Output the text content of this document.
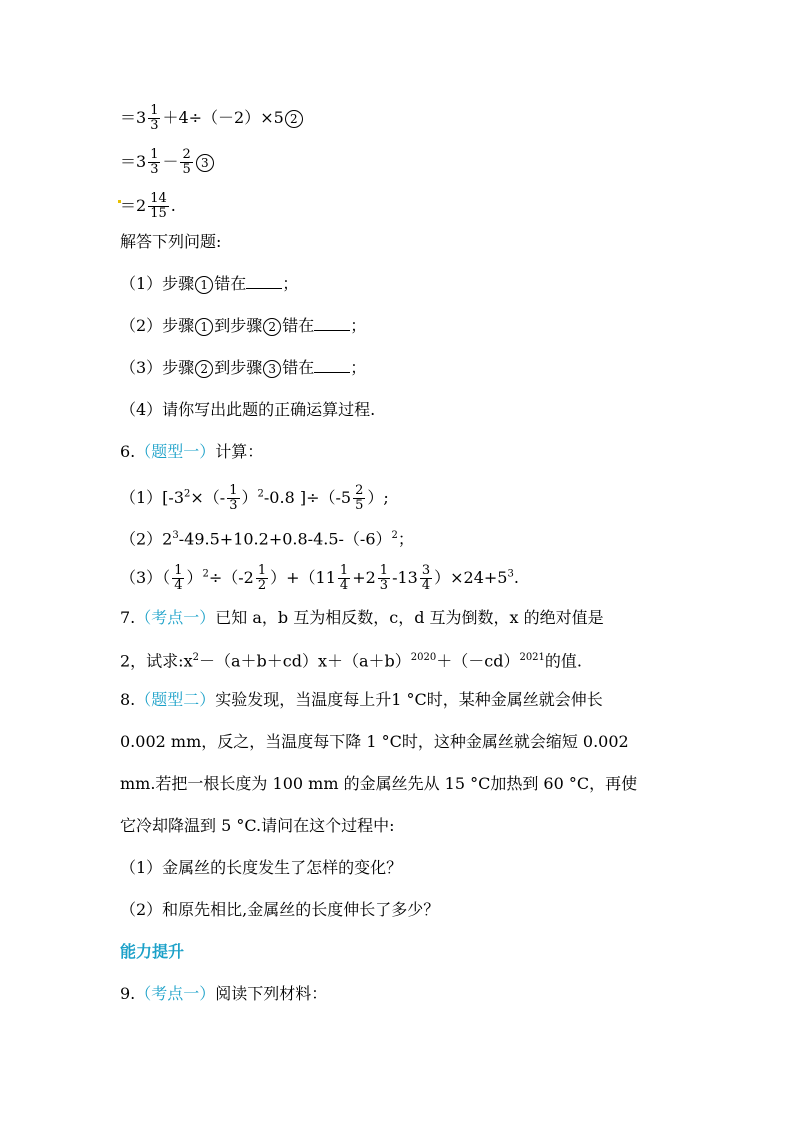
$=3 \frac{1}{3} +4\div(-2)\times 5$ 2
$=3 \frac{1}{3} - \frac{2}{5} 3$
$=2 \frac{14}{15}$ .
解答下列问题:
（1）步骤 1 错在 ；
（2）步骤 1 到步骤 2 错在 ；
（3）步骤 2 到步骤 3 错在 ；
（4）请你写出此题的正确运算过程.
6.（题型一）计算：
$(1)[-3^2\times(- \frac{1}{3} )^2-0.8$ ]$\div(-5 \frac{2}{5}$ ）;
$(2)2^3-49.5+10.2+0.8-4.5-(-6)^2$；
$(3)( \frac{1}{4} )^2\div(-2 \frac{1}{2} )+(11 \frac{1}{4} +2 \frac{1}{3} -13 \frac{3}{4} )\times 24+5^3$.
7.（考点一）已知 a，b 互为相反数，c，d 互为倒数，x 的绝对值是
2，试求$:x^2-(a+b+cd)x+(a+b)^{2020}+(-cd)^{2021}$的值.
8.（题型二）实验发现，当温度每上升1 °C时，某种金属丝就会伸长
0.002 mm，反之，当温度每下降 1 °C时，这种金属丝就会缩短 0.002
mm.若把一根长度为 100 mm 的金属丝先从 15 °C加热到 60 °C，再使
它冷却降温到 5 °C.请问在这个过程中:
（1）金属丝的长度发生了怎样的变化？
（2）和原先相比,金属丝的长度伸长了多少？
能力提升
9.（考点一）阅读下列材料：
